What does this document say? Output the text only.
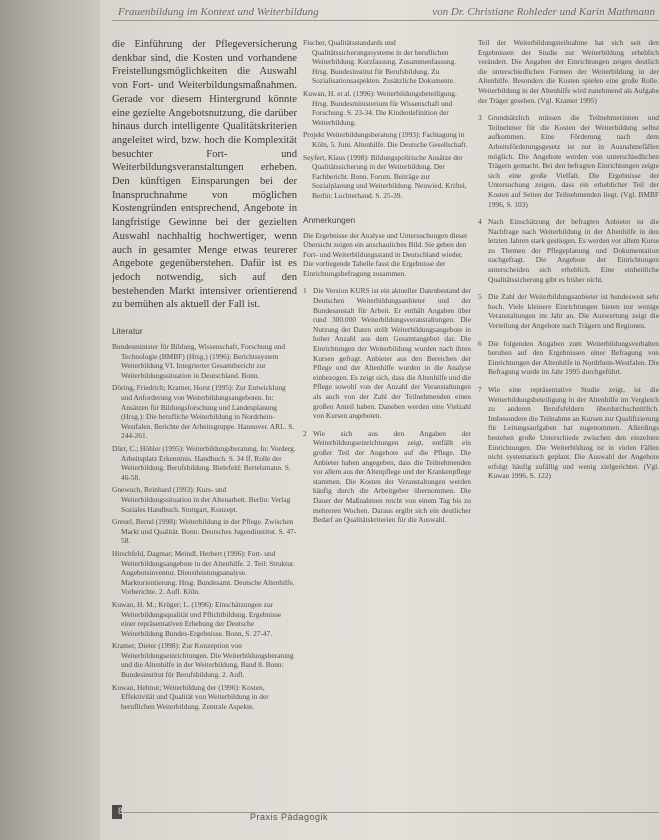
Frauenbildung im Kontext und Weiterbildung	von Dr. Christiane Rohleder und Karin Mathmann

die Einführung der Pflegeversicherung denkbar sind, die Kosten und vorhandene Freistellungsmöglichkeiten die Auswahl von Fort- und Weiterbildungsmaßnahmen. Gerade vor diesem Hintergrund könnte eine gezielte Angebotsnutzung, die darüber hinaus durch intelligente Qualitätskriterien angeleitet wird, bzw. hoch die Komplexität besuchter Fort- und Weiterbildungsveranstaltungen erheben. Den künftigen Einsparungen bei der Inanspruchnahme von möglichen Kostengründen entsprechend, Angebote in langfristige Gewinne bei der gezielten Auswahl nachhaltig hochwertiger, wenn auch in gesamter Menge etwas teurerer Angebote gegenüberstehen. Dafür ist es jedoch notwendig, sich auf den bestehenden Markt intensiver orientierend zu bemühen als aktuell der Fall ist.

Literatur

Bundesminister für Bildung, Wissenschaft, Forschung und Technologie (BMBF) (Hrsg.) (1996): Berichtssystem Weiterbildung VI. Integrierter Gesamtbericht zur Weiterbildungssituation in Deutschland. Bonn.

Döring, Friedrich; Kramer, Horst (1995): Zur Entwicklung und Anforderung von Weiterbildungsangeboten. In: Ansätzen für Bildungsforschung und Landesplanung (Hrsg.): Die berufliche Weiterbildung in Nordrhein-Westfalen. Berichte der Arbeitsgruppe. Hannover. ARL. S. 244-261.

Dürr, C.; Höhler (1995): Weiterbildungsberatung. In: Vorderg. Arbeitsplatz Erkenntnis. Handbuch. S. 34 ff. Rolle der Weiterbildung. Berufsbildung. Bielefeld: Bertelsmann. S. 46-58.

Gnewuch, Reinhard (1993): Kurs- und Weiterbildungssituation in der Altenarbeit. Berlin: Verlag Soziales Handbuch. Stuttgart, Konzept.

Greuel, Bernd (1998): Weiterbildung in der Pflege. Zwischen Markt und Qualität. Bonn: Deutsches Jugendinstitut. S. 47-58.

Hirschfeld, Dagmar; Meindl, Herbert (1996): Fort- und Weiterbildungsangebote in der Altenhilfe. 2. Teil: Struktur. Angebotsinventur. Dienstleistungsanalyse. Marktorientierung. Hrsg. Bundesamt. Deutsche Altenhilfe. Vorberichte. 2. Aufl. Köln.

Kuwan, H. M.; Krüger; L. (1996): Einschätzungen zur Weiterbildungsqualität und Pflichtbildung. Ergebnisse einer repräsentativen Erhebung der Deutsche Weiterbildung Bundes-Ergebnisse. Bonn, S. 27-47.

Kramer, Dieter (1998): Zur Konzeption von Weiterbildungseinrichtungen. Die Weiterbildungsberatung und die Altenhilfe in der Weiterbildung, Band 8. Bonn: Bundesinstitut für Berufsbildung. 2. Aufl.

Kuwan, Helmut; Weiterbildung der (1996): Kosten, Effektivität und Qualität von Weiterbildung in der beruflichen Weiterbildung. Zentrale Aspekte.

Fischer, Qualitätsstandards und Qualitätssicherungssysteme in der beruflichen Weiterbildung. Kurzfassung. Zusammenfassung. Hrsg. Bundesinstitut für Berufsbildung. Zu Sozialisationsaspekten. Zusätzliche Dokumente.

Kuwan, H. et al. (1996): Weiterbildungsbeteiligung. Hrsg. Bundesministerium für Wissenschaft und Forschung. S. 23-34. Die Kinderdefinition der Weiterbildung.

Projekt Weiterbildungsberatung (1993): Fachtagung in Köln, 5. Juni. Altenhilfe. Die Deutsche Gesellschaft.

Seyfert, Klaus (1998): Bildungspolitische Ansätze der Qualitätssicherung in der Weiterbildung. Der Fachbericht. Bonn. Forum. Beiträge zur Sozialplanung und Weiterbildung. Neuwied, Kriftel, Berlin: Luchterhand. S. 25-39.

Anmerkungen

Die Ergebnisse der Analyse und Untersuchungen dieser Übersicht zeigen ein anschauliches Bild. Sie geben den Fort- und Weiterbildungsstand in Deutschland wieder. Die vorliegende Tabelle fasst die Ergebnisse der Einrichtungsbefragung zusammen.

1 Die Version KURS ist ein aktueller Datenbestand der Deutschen Weiterbildungsanbieter und der Bundesanstalt für Arbeit. Er enthält Angaben über rund 300.000 Weiterbildungsveranstaltungen. Die Nutzung der Daten stellt Weiterbildungsangebote in hoher Anzahl aus dem Gesamtangebot dar. Die Einrichtungen der Weiterbildung wurden nach ihren Kursen gefragt. Anbieter aus den Bereichen der Pflege und der Altenhilfe wurden in die Analyse einbezogen. Es zeigt sich, dass die Altenhilfe und die Pflege sowohl von der Anzahl der Veranstaltungen als auch von der Zahl der Teilnehmenden einen großen Anteil haben. Daneben werden eine Vielzahl von Kursen angeboten.
2 Wie sich aus den Angaben der Weiterbildungseinrichtungen zeigt, entfällt ein großer Teil der Angebote auf die Pflege. Die Anbieter haben angegeben, dass die Teilnehmenden vor allem aus der Altenpflege und der Krankenpflege stammen. Die Kosten der Veranstaltungen werden häufig durch die Arbeitgeber übernommen. Die Dauer der Maßnahmen reicht von einem Tag bis zu mehreren Wochen. Daraus ergibt sich ein deutlicher Bedarf an Qualitätskriterien für die Auswahl.

Teil der Weiterbildungsteilnahme hat sich seit den Ergebnissen der Studie zur Weiterbildung erheblich verändert. Die Angaben der Einrichtungen zeigen deutlich die unterschiedlichen Formen der Weiterbildung in der Altenhilfe. Besonders die Kosten spielen eine große Rolle. Weiterbildung in der Altenhilfe wird zunehmend als Aufgabe der Träger gesehen. (Vgl. Kramer 1995)

3 Grundsätzlich müssen die Teilnehmerinnen und Teilnehmer für die Kosten der Weiterbildung selbst aufkommen. Eine Förderung nach dem Arbeitsförderungsgesetz ist nur in Ausnahmefällen möglich. Die Angebote werden von unterschiedlichen Trägern gemacht. Bei den befragten Einrichtungen zeigte sich eine große Vielfalt. Die Ergebnisse der Untersuchung zeigen, dass ein erheblicher Teil der Kosten auf Seiten der Teilnehmenden liegt. (Vgl. BMBF 1996, S. 103)
4 Nach Einschätzung der befragten Anbieter ist die Nachfrage nach Weiterbildung in der Altenhilfe in den letzten Jahren stark gestiegen. Es werden vor allem Kurse zu Themen der Pflegeplanung und Dokumentation nachgefragt. Die Angebote der Einrichtungen unterscheiden sich erheblich. Eine einheitliche Qualitätssicherung gibt es bisher nicht.
5 Die Zahl der Weiterbildungsanbieter ist bundesweit sehr hoch. Viele kleinere Einrichtungen bieten nur wenige Veranstaltungen im Jahr an. Die Auswertung zeigt die Verteilung der Angebote nach Trägern und Regionen.
6 Die folgenden Angaben zum Weiterbildungsverhalten beruhen auf den Ergebnissen einer Befragung von Einrichtungen der Altenhilfe in Nordrhein-Westfalen. Die Befragung wurde im Jahr 1995 durchgeführt.
7 Wie eine repräsentative Studie zeigt, ist die Weiterbildungsbeteiligung in der Altenhilfe im Vergleich zu anderen Berufsfeldern überdurchschnittlich. Insbesondere die Teilnahme an Kursen zur Qualifizierung für Leitungsaufgaben hat zugenommen. Allerdings bestehen große Unterschiede zwischen den einzelnen Einrichtungen. Die Weiterbildung ist in vielen Fällen nicht systematisch geplant. Die Auswahl der Angebote erfolgt häufig zufällig und wenig zielgerichtet. (Vgl. Kuwan 1996, S. 122)
8
Praxis Pädagogik
